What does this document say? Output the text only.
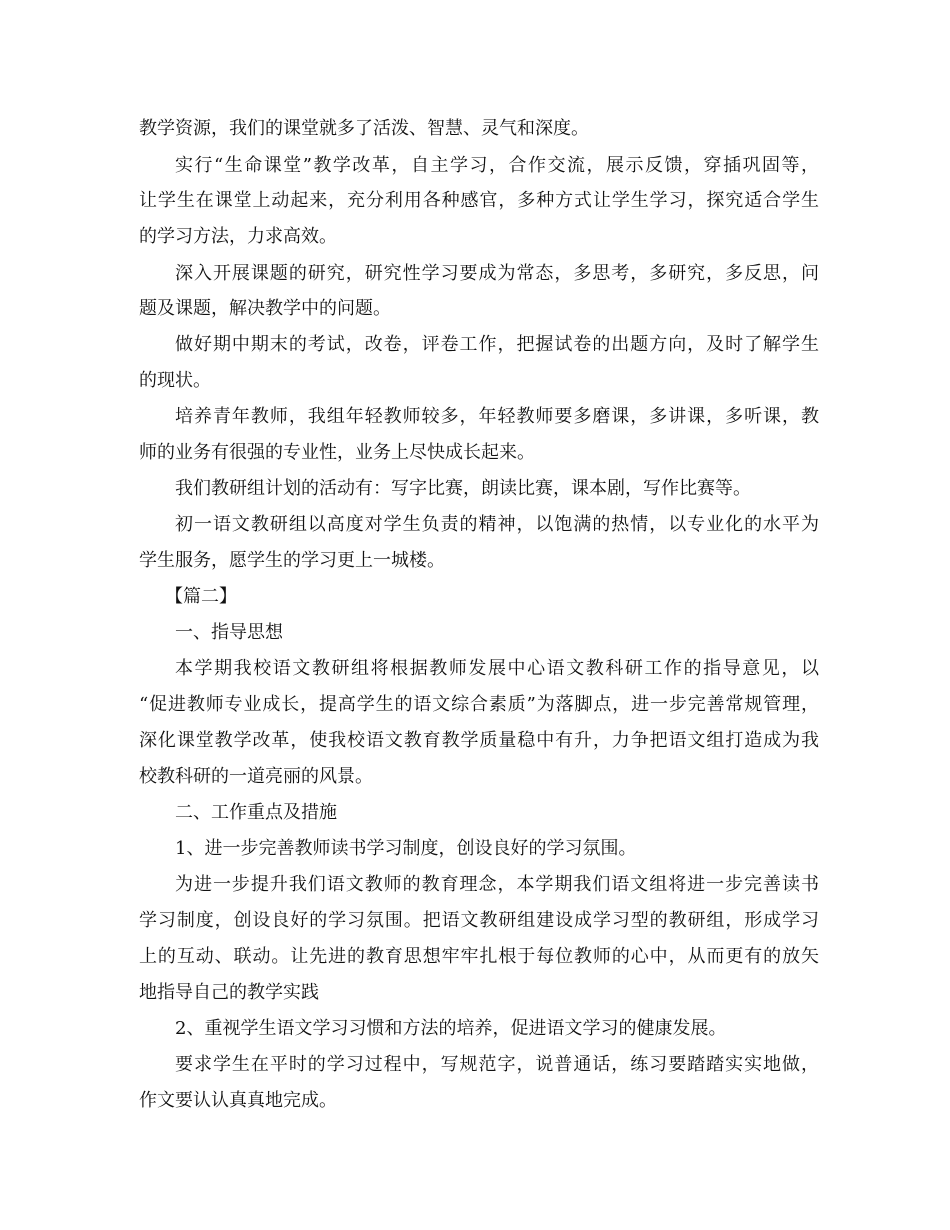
教学资源，我们的课堂就多了活泼、智慧、灵气和深度。
实行“生命课堂”教学改革，自主学习，合作交流，展示反馈，穿插巩固等，
让学生在课堂上动起来，充分利用各种感官，多种方式让学生学习，探究适合学生
的学习方法，力求高效。
深入开展课题的研究，研究性学习要成为常态，多思考，多研究，多反思，问
题及课题，解决教学中的问题。
做好期中期末的考试，改卷，评卷工作，把握试卷的出题方向，及时了解学生
的现状。
培养青年教师，我组年轻教师较多，年轻教师要多磨课，多讲课，多听课，教
师的业务有很强的专业性，业务上尽快成长起来。
我们教研组计划的活动有：写字比赛，朗读比赛，课本剧，写作比赛等。
初一语文教研组以高度对学生负责的精神，以饱满的热情，以专业化的水平为
学生服务，愿学生的学习更上一城楼。
【篇二】
一、指导思想
本学期我校语文教研组将根据教师发展中心语文教科研工作的指导意见，以
“促进教师专业成长，提高学生的语文综合素质”为落脚点，进一步完善常规管理，
深化课堂教学改革，使我校语文教育教学质量稳中有升，力争把语文组打造成为我
校教科研的一道亮丽的风景。
二、工作重点及措施
1、进一步完善教师读书学习制度，创设良好的学习氛围。
为进一步提升我们语文教师的教育理念，本学期我们语文组将进一步完善读书
学习制度，创设良好的学习氛围。把语文教研组建设成学习型的教研组，形成学习
上的互动、联动。让先进的教育思想牢牢扎根于每位教师的心中，从而更有的放矢
地指导自己的教学实践
2、重视学生语文学习习惯和方法的培养，促进语文学习的健康发展。
要求学生在平时的学习过程中，写规范字，说普通话，练习要踏踏实实地做，
作文要认认真真地完成。
